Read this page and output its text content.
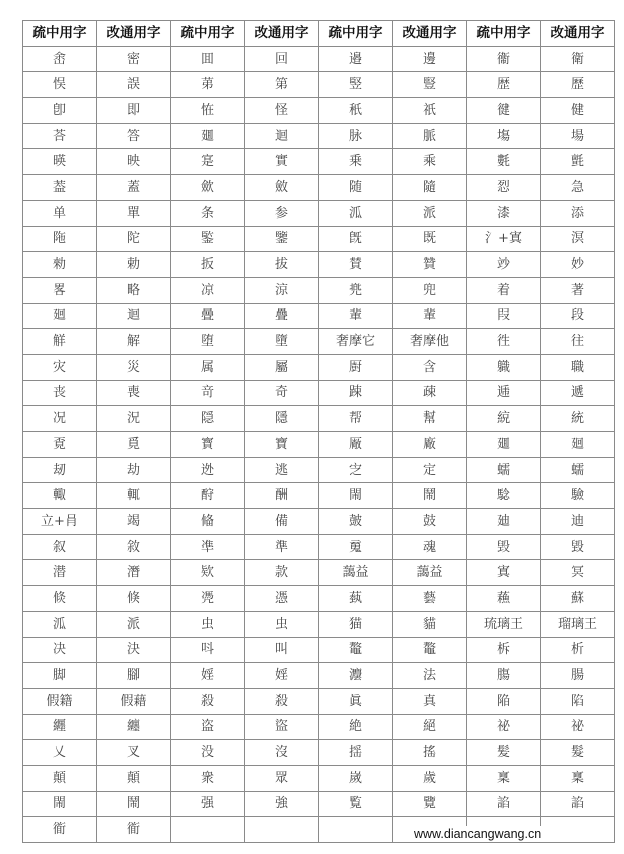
疏中用字	改通用字	疏中用字	改通用字	疏中用字	改通用字	疏中用字	改通用字
峹	密	囬	回	邉	邊	衞	衛
悮	誤	苐	第	竪	豎	歴	歷
卽	即	恠	怪	秖	祇	徤	健
荅	答	廽	迴	脉	脈	塲	場
暎	映	寔	實	乗	乘	氀	氈
葢	蓋	歛	斂	随	隨	㤠	急
单	單	条	参	泒	派	漆	添
陁	陀	鍳	鑒	旣	既	氵+寘	溟
勑	勅	扳	拔	賛	贊	竗	妙
畧	略	凉	涼	兠	兜	着	著
廻	迴	曡	疊	輩	輩	叚	段
觧	解	堕	墮	奢摩它	奢摩他	徃	往
灾	災	属	屬	㕑	含	軄	職
丧	喪	竒	奇	踈	疎	逓	遞
况	況	隠	隱	帮	幫	綂	統
覔	覓	寳	寶	厰	廠	廽	廻
刼	劫	迯	逃	㝎	定	蠕	蠕
輙	輒	酧	酬	閙	鬧	騐	驗
立+肙	竭	偹	備	皷	鼓	廸	迪
叙	敘	凖	準	䰟	魂	毁	毀
潜	潛	欵	款	藹益	藹益	寘	冥
倐	倏	凴	憑	蓺	藝	蘓	蘇
泒	派	虫	虫	猫	貓	琉璃王	瑠璃王
决	決	呌	叫	鼇	鼇	柝	析
脚	腳	婬	婬	灋	法	膓	腸
假籍	假藉	殺	殺	眞	真	陥	陷
纒	纏	盗	盜	絶	絕	祕	祕
乂	叉	没	沒	揺	搖	髪	髮
顛	顛	衆	眾	嵗	歲	稟	稟
閙	鬧	强	強	覧	覽	諂	諂
衜	衜							www.diancangwang.cn
